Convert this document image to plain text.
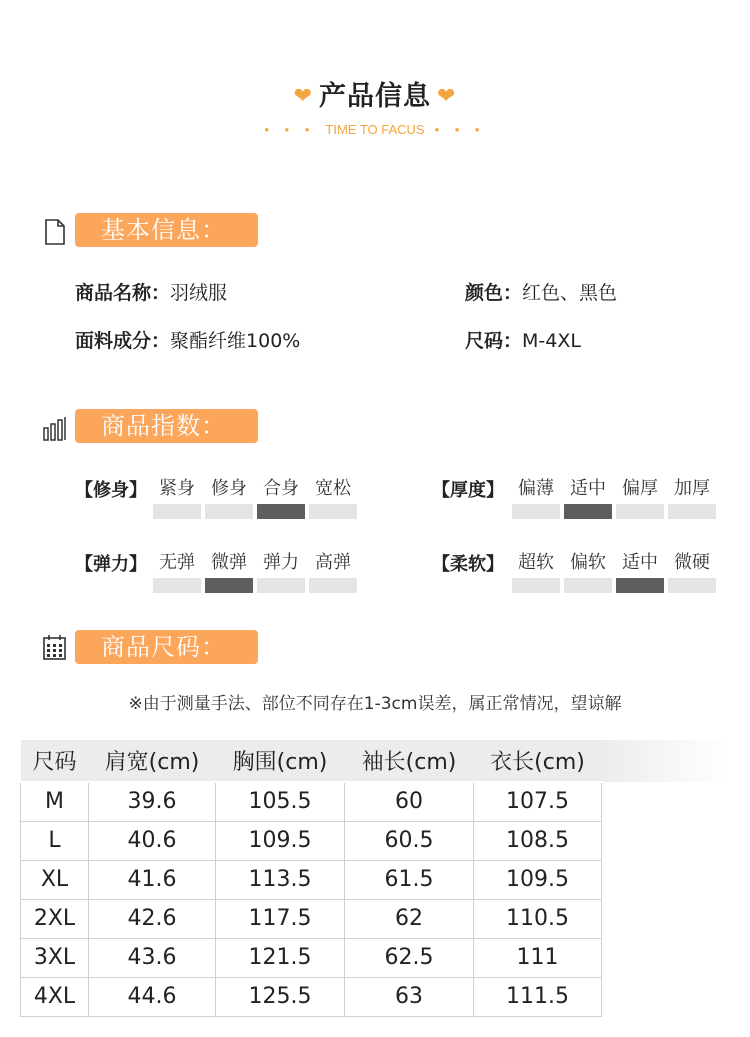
❤ 产品信息 ❤
• • • TIME TO FACUS • • •
基本信息：
商品名称：羽绒服	颜色：红色、黑色
面料成分：聚酯纤维100%	尺码：M-4XL
商品指数：
【修身】 紧身 修身 合身 宽松	【厚度】 偏薄 适中 偏厚 加厚
【弹力】 无弹 微弹 弹力 高弹	【柔软】 超软 偏软 适中 微硬
商品尺码：
※由于测量手法、部位不同存在1-3cm误差，属正常情况，望谅解
尺码	肩宽(cm)	胸围(cm)	袖长(cm)	衣长(cm)
M	39.6	105.5	60	107.5
L	40.6	109.5	60.5	108.5
XL	41.6	113.5	61.5	109.5
2XL	42.6	117.5	62	110.5
3XL	43.6	121.5	62.5	111
4XL	44.6	125.5	63	111.5
